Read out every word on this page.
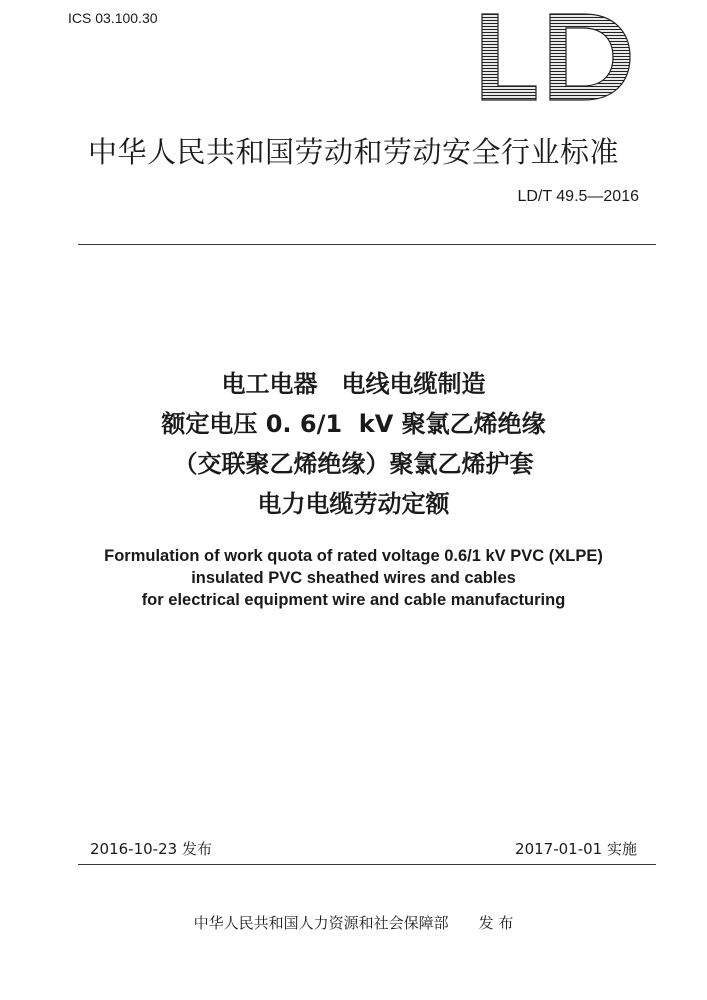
ICS 03.100.30
中华人民共和国劳动和劳动安全行业标准
LD/T 49.5—2016
电工电器　电线电缆制造
额定电压 0. 6/1  kV 聚氯乙烯绝缘
（交联聚乙烯绝缘）聚氯乙烯护套
电力电缆劳动定额
Formulation of work quota of rated voltage 0.6/1 kV PVC (XLPE)
insulated PVC sheathed wires and cables
for electrical equipment wire and cable manufacturing
2016-10-23 发布	2017-01-01 实施
中华人民共和国人力资源和社会保障部　　发 布
